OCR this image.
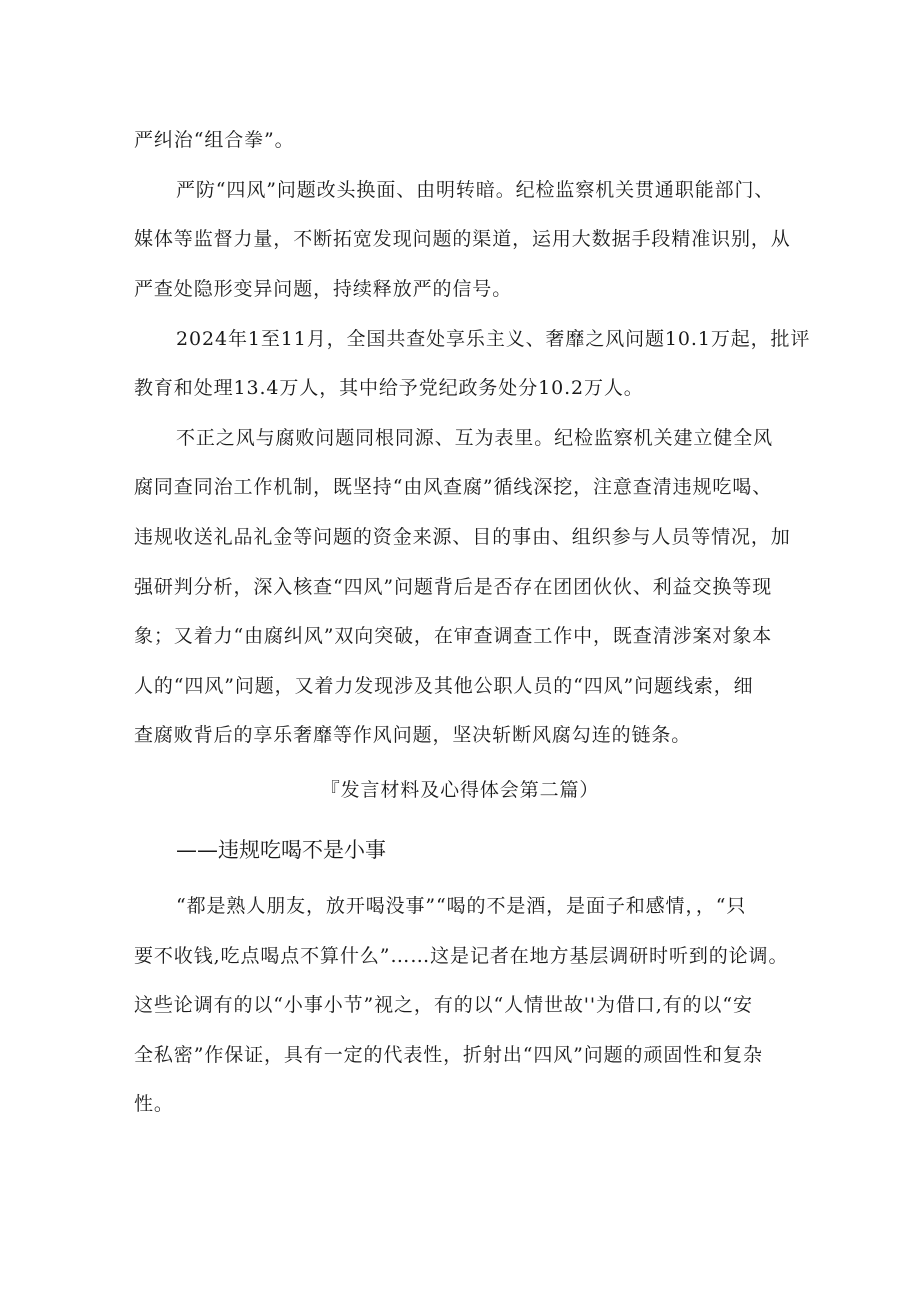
严纠治“组合拳”。
严防“四风”问题改头换面、由明转暗。纪检监察机关贯通职能部门、
媒体等监督力量，不断拓宽发现问题的渠道，运用大数据手段精准识别，从
严查处隐形变异问题，持续释放严的信号。
2024年1至11月，全国共查处享乐主义、奢靡之风问题10.1万起，批评
教育和处理13.4万人，其中给予党纪政务处分10.2万人。
不正之风与腐败问题同根同源、互为表里。纪检监察机关建立健全风
腐同查同治工作机制，既坚持“由风查腐”循线深挖，注意查清违规吃喝、
违规收送礼品礼金等问题的资金来源、目的事由、组织参与人员等情况，加
强研判分析，深入核查“四风”问题背后是否存在团团伙伙、利益交换等现
象；又着力“由腐纠风”双向突破，在审查调查工作中，既查清涉案对象本
人的“四风”问题，又着力发现涉及其他公职人员的“四风”问题线索，细
查腐败背后的享乐奢靡等作风问题，坚决斩断风腐勾连的链条。
『发言材料及心得体会第二篇）
——违规吃喝不是小事
“都是熟人朋友，放开喝没事”“喝的不是酒，是面子和感情，，“只
要不收钱,吃点喝点不算什么”……这是记者在地方基层调研时听到的论调。
这些论调有的以“小事小节”视之，有的以“人情世故''为借口,有的以“安
全私密”作保证，具有一定的代表性，折射出“四风”问题的顽固性和复杂
性。
